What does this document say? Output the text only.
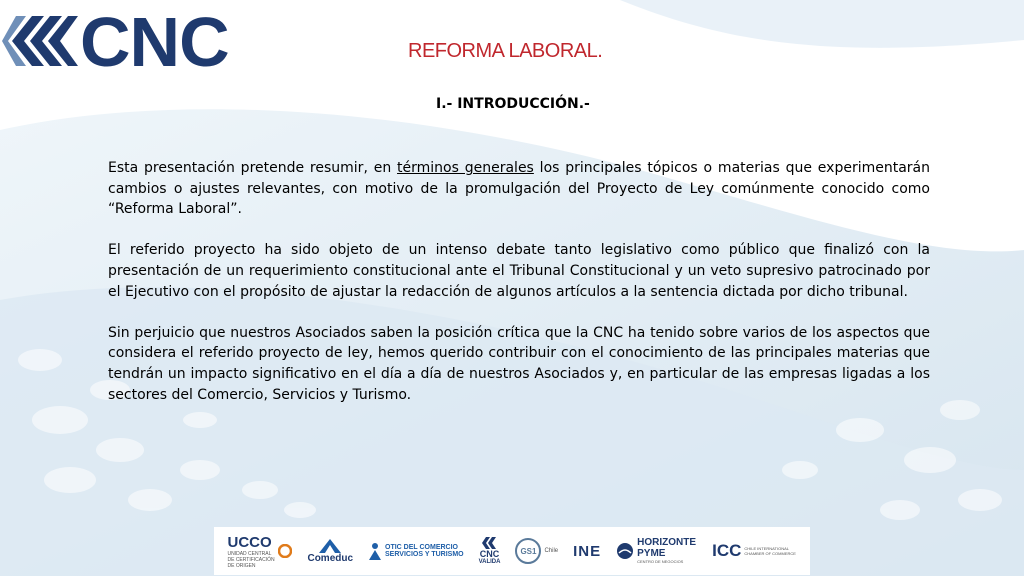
CNC	REFORMA LABORAL.
I.- INTRODUCCIÓN.-

Esta presentación pretende resumir, en términos generales los principales tópicos o materias que experimentarán cambios o ajustes relevantes, con motivo de la promulgación del Proyecto de Ley comúnmente conocido como “Reforma Laboral”.

El referido proyecto ha sido objeto de un intenso debate tanto legislativo como público que finalizó con la presentación de un requerimiento constitucional ante el Tribunal Constitucional y un veto supresivo patrocinado por el Ejecutivo con el propósito de ajustar la redacción de algunos artículos a la sentencia dictada por dicho tribunal.

Sin perjuicio que nuestros Asociados saben la posición crítica que la CNC ha tenido sobre varios de los aspectos que considera el referido proyecto de ley, hemos querido contribuir con el conocimiento de las principales materias que tendrán un impacto significativo en el día a día de nuestros Asociados y, en particular de las empresas ligadas a los sectores del Comercio, Servicios y Turismo.

UCCO
UNIDAD CENTRAL DE CERTIFICACIÓN DE ORIGEN
Comeduc
OTIC DEL COMERCIO
SERVICIOS Y TURISMO CNC
VALIDA
GS1 Chile INE	HORIZONTE PYME
CENTRO DE NEGOCIOS
ICC CHILE INTERNATIONAL CHAMBER OF COMMERCE
